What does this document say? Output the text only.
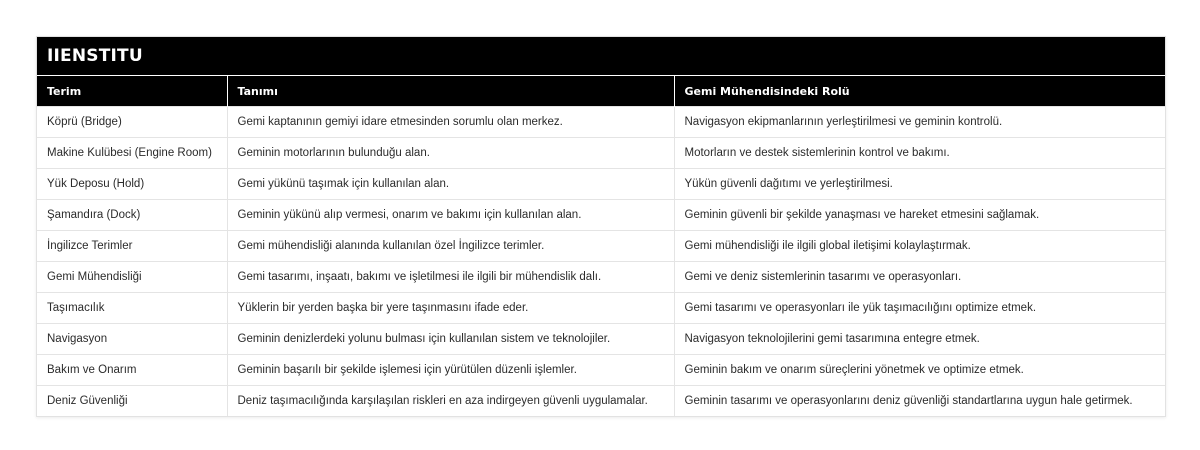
IIENSTITU
Terim	Tanımı	Gemi Mühendisindeki Rolü
Köprü (Bridge)	Gemi kaptanının gemiyi idare etmesinden sorumlu olan merkez.	Navigasyon ekipmanlarının yerleştirilmesi ve geminin kontrolü.
Makine Kulübesi (Engine Room)	Geminin motorlarının bulunduğu alan.	Motorların ve destek sistemlerinin kontrol ve bakımı.
Yük Deposu (Hold)	Gemi yükünü taşımak için kullanılan alan.	Yükün güvenli dağıtımı ve yerleştirilmesi.
Şamandıra (Dock)	Geminin yükünü alıp vermesi, onarım ve bakımı için kullanılan alan.	Geminin güvenli bir şekilde yanaşması ve hareket etmesini sağlamak.
İngilizce Terimler	Gemi mühendisliği alanında kullanılan özel İngilizce terimler.	Gemi mühendisliği ile ilgili global iletişimi kolaylaştırmak.
Gemi Mühendisliği	Gemi tasarımı, inşaatı, bakımı ve işletilmesi ile ilgili bir mühendislik dalı.	Gemi ve deniz sistemlerinin tasarımı ve operasyonları.
Taşımacılık	Yüklerin bir yerden başka bir yere taşınmasını ifade eder.	Gemi tasarımı ve operasyonları ile yük taşımacılığını optimize etmek.
Navigasyon	Geminin denizlerdeki yolunu bulması için kullanılan sistem ve teknolojiler.	Navigasyon teknolojilerini gemi tasarımına entegre etmek.
Bakım ve Onarım	Geminin başarılı bir şekilde işlemesi için yürütülen düzenli işlemler.	Geminin bakım ve onarım süreçlerini yönetmek ve optimize etmek.
Deniz Güvenliği	Deniz taşımacılığında karşılaşılan riskleri en aza indirgeyen güvenli uygulamalar.	Geminin tasarımı ve operasyonlarını deniz güvenliği standartlarına uygun hale getirmek.
